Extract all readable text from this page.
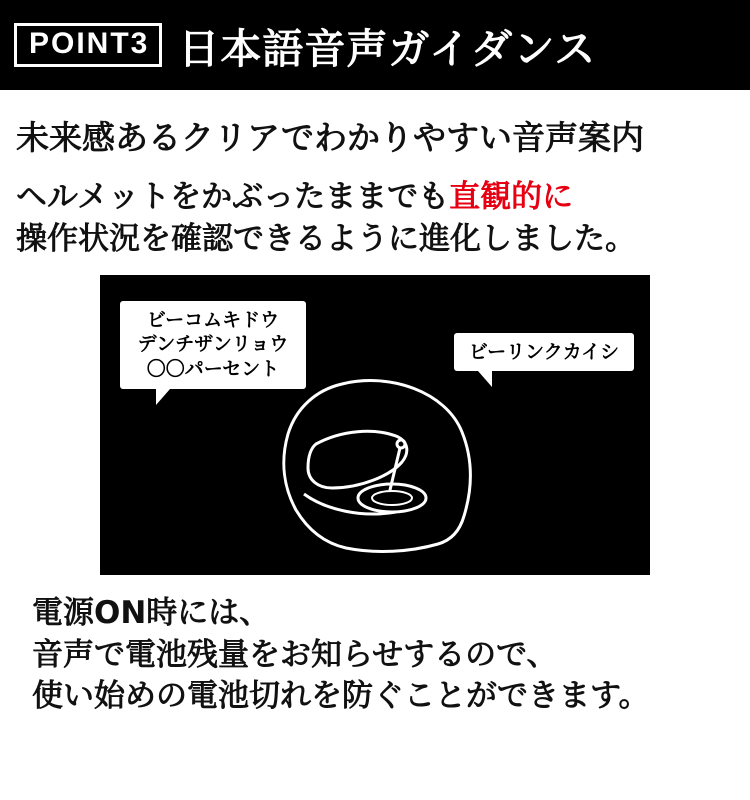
POINT3 日本語音声ガイダンス
未来感あるクリアでわかりやすい音声案内
ヘルメットをかぶったままでも直観的に
操作状況を確認できるように進化しました。
ビーコムキドウ
デンチザンリョウ
〇〇パーセント
ビーリンクカイシ
電源ON時には、
音声で電池残量をお知らせするので、
使い始めの電池切れを防ぐことができます。
